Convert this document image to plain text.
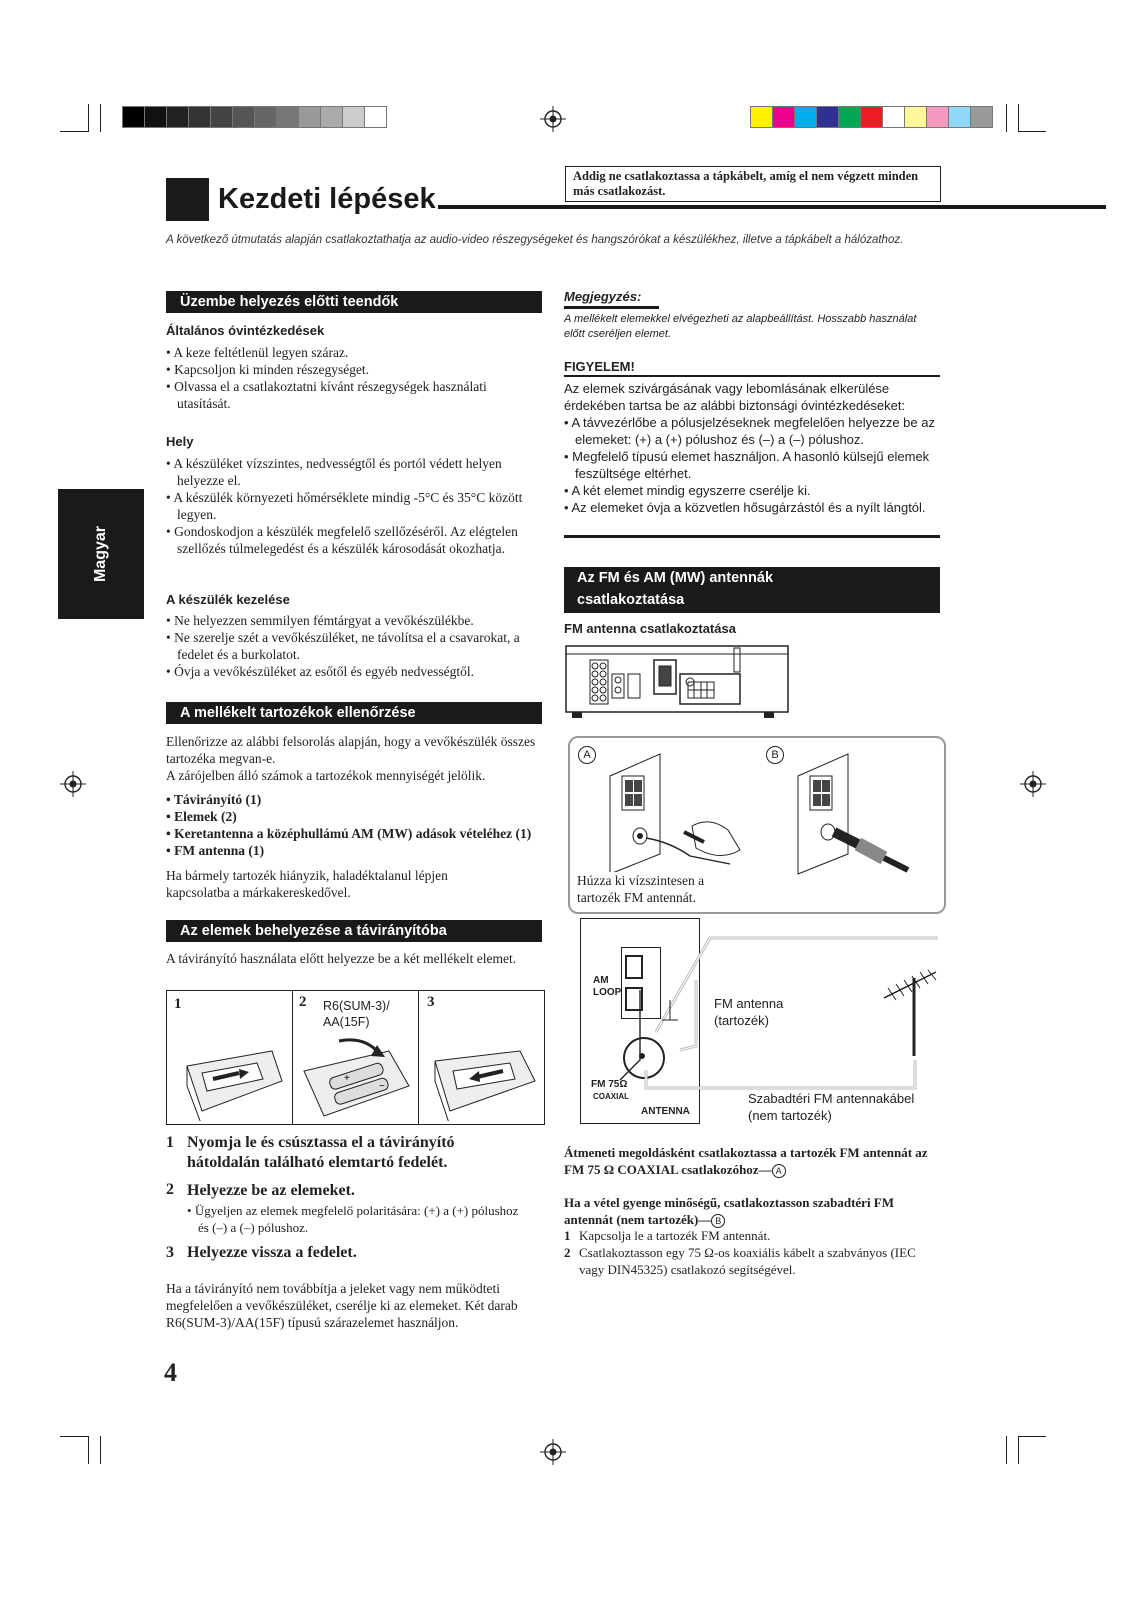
Kezdeti lépések
Addig ne csatlakoztassa a tápkábelt, amíg el nem végzett minden más csatlakozást.
A következő útmutatás alapján csatlakoztathatja az audio-video részegységeket és hangszórókat a készülékhez, illetve a tápkábelt a hálózathoz.
Magyar
Üzembe helyezés előtti teendők
Általános óvintézkedések
• A keze feltétlenül legyen száraz.
• Kapcsoljon ki minden részegységet.
• Olvassa el a csatlakoztatni kívánt részegységek használati utasítását.
Hely
• A készüléket vízszintes, nedvességtől és portól védett helyen helyezze el.
• A készülék környezeti hőmérséklete mindig -5°C és 35°C között legyen.
• Gondoskodjon a készülék megfelelő szellőzéséről. Az elégtelen szellőzés túlmelegedést és a készülék károsodását okozhatja.
A készülék kezelése
• Ne helyezzen semmilyen fémtárgyat a vevőkészülékbe.
• Ne szerelje szét a vevőkészüléket, ne távolítsa el a csavarokat, a fedelet és a burkolatot.
• Óvja a vevőkészüléket az esőtől és egyéb nedvességtől.
A mellékelt tartozékok ellenőrzése
Ellenőrizze az alábbi felsorolás alapján, hogy a vevőkészülék összes tartozéka megvan-e.
A zárójelben álló számok a tartozékok mennyiségét jelölik.
• Távirányító (1)
• Elemek (2)
• Keretantenna a középhullámú AM (MW) adások vételéhez (1)
• FM antenna (1)
Ha bármely tartozék hiányzik, haladéktalanul lépjen kapcsolatba a márkakereskedővel.
Az elemek behelyezése a távirányítóba
A távirányító használata előtt helyezze be a két mellékelt elemet.
1	2 R6(SUM-3)/ AA(15F)
3
+
−
1 Nyomja le és csúsztassa el a távirányító hátoldalán található elemtartó fedelét.
2 Helyezze be az elemeket.
• Ügyeljen az elemek megfelelő polaritására: (+) a (+) pólushoz és (–) a (–) pólushoz.
3 Helyezze vissza a fedelet.
Ha a távirányító nem továbbítja a jeleket vagy nem működteti megfelelően a vevőkészüléket, cserélje ki az elemeket. Két darab R6(SUM-3)/AA(15F) típusú szárazelemet használjon.
4
Megjegyzés:
A mellékelt elemekkel elvégezheti az alapbeállítást. Hosszabb használat előtt cseréljen elemet.
FIGYELEM!
Az elemek szivárgásának vagy lebomlásának elkerülése érdekében tartsa be az alábbi biztonsági óvintézkedéseket:
• A távvezérlőbe a pólusjelzéseknek megfelelően helyezze be az elemeket: (+) a (+) pólushoz és (–) a (–) pólushoz.
• Megfelelő típusú elemet használjon. A hasonló külsejű elemek feszültsége eltérhet.
• A két elemet mindig egyszerre cserélje ki.
• Az elemeket óvja a közvetlen hősugárzástól és a nyílt lángtól.
Az FM és AM (MW) antennák
csatlakoztatása
FM antenna csatlakoztatása
A	B
Húzza ki vízszintesen a tartozék FM antennát.
AM LOOP
FM 75Ω
COAXIAL
ANTENNA
FM antenna (tartozék)
Szabadtéri FM antennakábel (nem tartozék)
Átmeneti megoldásként csatlakoztassa a tartozék FM antennát az FM 75 Ω COAXIAL csatlakozóhoz— A
Ha a vétel gyenge minőségű, csatlakoztasson szabadtéri FM antennát (nem tartozék)— B
1 Kapcsolja le a tartozék FM antennát.
2 Csatlakoztasson egy 75 Ω-os koaxiális kábelt a szabványos (IEC vagy DIN45325) csatlakozó segítségével.
